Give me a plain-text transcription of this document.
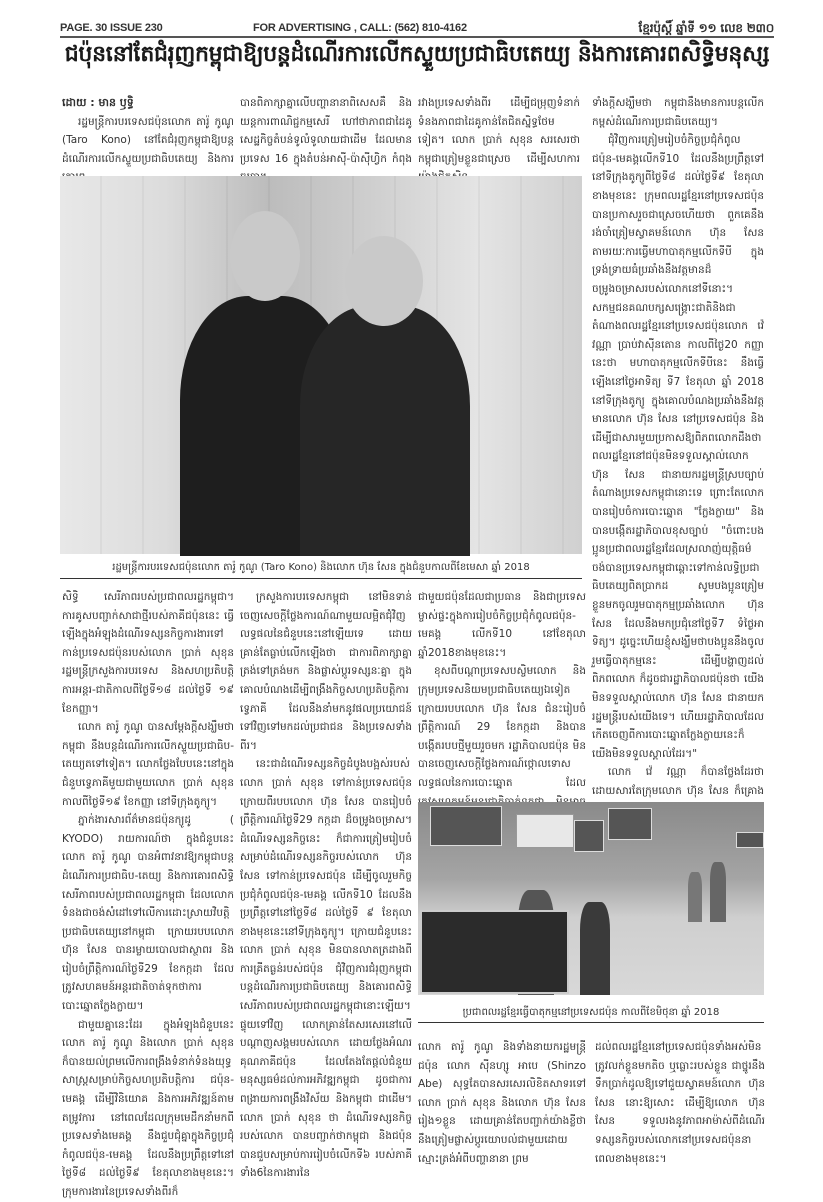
PAGE. 30 ISSUE 230	FOR ADVERTISING , CALL: (562) 810-4162	ខ្មែរប៉ុស្តិ៍ ឆ្នាំទី ១១ លេខ ២៣០
ជប៉ុននៅតែជំរុញកម្ពុជាឱ្យបន្តដំណើរការលើកស្ទួយប្រជាធិបតេយ្យ និងការគោរពសិទ្ធិមនុស្ស

ដោយ : មាន ឫទ្ធិ

រដ្ឋមន្ត្រីការបរទេសជប៉ុនលោក តារ៉ូ កូណូ (Taro Kono) នៅតែជំរុញកម្ពុជាឱ្យបន្តដំណើរការលើកស្ទួយប្រជាធិបតេយ្យ និងការ

បានពិភាក្សាគ្នាលើបញ្ហានានាពិសេសគឺ និងយន្តការពាណិជ្ជកម្មសេរី ហៅថាភាពជាដៃគូសេដ្ឋកិច្ចតំបន់ទូលំទូលាយជាដើម ដែលមានប្រទេស 16 ក្នុងតំបន់អាស៊ី-ប៉ាស៊ីហ្វិក កំពុង

រវាងប្រទេសទាំងពីរ ដើម្បីជម្រុញទំនាក់ទំនងភាពជាដៃគូកាន់តែជិតស្និទ្ធថែមទៀត។ លោក ប្រាក់ សុខុន សរសេរថា កម្ពុជាត្រៀមខ្លួនជាស្រេច ដើម្បីសហការ

ទាំងក្តីសង្ឃឹមថា កម្ពុជានឹងមានការបន្តលើកកម្ពស់ដំណើរការប្រជាធិបតេយ្យ។

ជុំវិញការត្រៀមរៀបចំកិច្ចប្រជុំកំពូលជប៉ុន-មេគង្គលើកទី10 ដែលនឹងប្រព្រឹត្តទៅនៅទីក្រុងតូក្យូពីថ្ងៃទី៨ ដល់ថ្ងៃទី៩ ខែតុលាខាងមុខនេះ ក្រុមពលរដ្ឋខ្មែរនៅប្រទេសជប៉ុនបានប្រកាសរួចជាស្រេចហើយថា ពួកគេនឹងរង់ចាំត្រៀមស្វាគមន៍លោក ហ៊ុន សែន តាមរយៈការធ្វើមហាបាតុកម្មលើកទីបី ក្នុងទ្រង់ទ្រាយធំប្រឆាំងនឹងវត្តមានដ៏ចម្រូងចម្រាសរបស់លោកនៅទីនោះ។ សកម្មជនគណបក្សសង្គ្រោះជាតិនិងជាតំណាងពលរដ្ឋខ្មែរនៅប្រទេសជប៉ុនលោក វ៉េ វណ្ណា ប្រាប់វាស៊ីនតោន កាលពីថ្ងៃ20 កញ្ញា នេះថា មហាបាតុកម្មលើកទីបីនេះ នឹងធ្វើឡើងនៅថ្ងៃអាទិត្យ ទី7 ខែតុលា ឆ្នាំ 2018 នៅទីក្រុងតូក្យូ ក្នុងគោលបំណងប្រឆាំងនឹងវត្តមានលោក ហ៊ុន សែន នៅប្រទេសជប៉ុន និងដើម្បីជាសារមួយប្រកាសឱ្យពិភពលោកដឹងថា ពលរដ្ឋខ្មែរនៅជប៉ុនមិនទទួលស្គាល់លោក ហ៊ុន សែន ជានាយករដ្ឋមន្ត្រីស្របច្បាប់តំណាងប្រទេសកម្ពុជានោះទេ ព្រោះតែលោកបានរៀបចំការបោះឆ្នោត "ក្លែងក្លាយ" និងបានបង្កើតរដ្ឋាភិបាលខុសច្បាប់ "ចំពោះបងប្អូនប្រជាពលរដ្ឋខ្មែរដែលស្រលាញ់យុត្តិធម៌ ចង់បានប្រទេសកម្ពុជាឆ្ពោះទៅកាន់លទ្ធិប្រជាធិបតេយ្យពិតប្រាកដ សូមបងប្អូនត្រៀមខ្លួនមកចូលរួមបាតុកម្មប្រឆាំងលោក ហ៊ុន សែន ដែលនឹងមកប្រជុំនៅថ្ងៃទី7 ទំថ្ងៃអាទិត្យ។ ដូច្នេះហើយខ្ញុំសង្ឃឹមថាបងប្អូននឹងចូលរួមធ្វើបាតុកម្មនេះ ដើម្បីបង្ហាញដល់ពិភពលោក ក៏ដូចជារដ្ឋាភិបាលជប៉ុនថា យើងមិនទទួលស្គាល់លោក ហ៊ុន សែន ជានាយករដ្ឋមន្ត្រីរបស់យើងទេ។ ហើយរដ្ឋាភិបាលដែលកើតចេញពីការបោះឆ្នោតក្លែងក្លាយនេះក៏យើងមិនទទួលស្គាល់ដែរ។"

លោក វ៉េ វណ្ណា ក៏បានថ្លែងដែរថា ដោយសារតែក្រុមលោក ហ៊ុន សែន ក៏គ្រោង

រដ្ឋមន្ត្រីការបរទេសជប៉ុនលោក តារ៉ូ កូណូ (Taro Kono) និងលោក ហ៊ុន សែន ក្នុងជំនួបកាលពីខែមេសា ឆ្នាំ 2018

សិទ្ធិ សេរីភាពរបស់ប្រជាពលរដ្ឋកម្ពុជា។ ការគូសបញ្ជាក់សាជាថ្មីរបស់ភាគីជប៉ុននេះ ធ្វើឡើងក្នុងអំឡុងដំណើរទស្សនកិច្ចការងារទៅកាន់ប្រទេសជប៉ុនរបស់លោក ប្រាក់ សុខុន រដ្ឋមន្ត្រីក្រសួងការបរទេស និងសហប្រតិបត្តិការអន្តរ-ជាតិកាលពីថ្ងៃទី១៨ ដល់ថ្ងៃទី ១៩ ខែកញ្ញា។

លោក តារ៉ូ កូណូ បានសម្តែងក្តីសង្ឃឹមថា កម្ពុជា នឹងបន្តដំណើរការលើកស្ទួយប្រជាធិប-តេយ្យតទៅទៀត។ លោកថ្លែងបែបនេះនៅក្នុងជំនួបទ្វេភាគីមួយជាមួយលោក ប្រាក់ សុខុន កាលពីថ្ងៃទី១៩ ខែកញ្ញា នៅទីក្រុងតូក្យូ។

ភ្នាក់ងារសារព័ត៌មានជប៉ុនក្យូដូ ( KYODO) រាយការណ៍ថា ក្នុងជំនួបនេះ លោក តារ៉ូ កូណូ បានអំពាវនាវឱ្យកម្ពុជាបន្តដំណើរការប្រជាធិប-តេយ្យ និងការគោរពសិទ្ធិសេរីភាពរបស់ប្រជាពលរដ្ឋកម្ពុជា ដែលលោកទំនងជាចង់សំដៅទៅលើការដោះស្រាយវិបត្តិប្រជាធិបតេយ្យនៅកម្ពុជា ក្រោយរបបលោក ហ៊ុន សែន បានរម្លាយបោលជាស្ថាពរ និងរៀបចំព្រឹត្តិការណ៍ថ្ងៃទី29 ខែកក្កដា ដែលត្រូវសហគមន៍អន្តរជាតិចាត់ទុកថាការបោះឆ្នោតក្លែងក្លាយ។

ជាមួយគ្នានេះដែរ ក្នុងអំឡុងជំនួបនេះលោក តារ៉ូ កូណូ និងលោក ប្រាក់ សុខុន ក៏បានយល់ព្រមលើការពង្រឹងទំនាក់ទំនងយុទ្ធសាស្ត្រសម្រាប់កិច្ចសហប្រតិបត្តិការ ជប៉ុន-មេគង្គ ដើម្បីវិនិយោគ និងការអភិវឌ្ឍន៍តាមតម្រូវការ នៅពេលដែលក្រុមមេដឹកនាំមកពីប្រទេសទាំងមេគង្គ នឹងជួបជុំគ្នាក្នុងកិច្ចប្រជុំកំពូលជប៉ុន-មេគង្គ ដែលនឹងប្រព្រឹត្តទៅនៅថ្ងៃទី៨ ដល់ថ្ងៃទី៩ ខែតុលាខាងមុខនេះ។ ក្រុមការងារនៃប្រទេសទាំងពីរក៏

ក្រសួងការបរទេសកម្ពុជា នៅមិនទាន់ចេញសេចក្តីថ្លែងការណ៍ណាមួយលម្អិតជុំវិញលទ្ធផលនៃជំនួបនេះនៅឡើយទេ ដោយគ្រាន់តែធ្លាប់លើកឡើងថា ជាការពិភាក្សាគ្នាត្រង់ទៅត្រង់មក និងផ្លាស់ប្តូរទស្សនៈគ្នា ក្នុងគោលបំណងដើម្បីពង្រឹងកិច្ចសហប្រតិបត្តិការទ្វេភាគី ដែលនឹងនាំមកនូវផលប្រយោជន៍ទៅវិញទៅមកដល់ប្រជាជន និងប្រទេសទាំងពីរ។

នេះជាដំណើរទស្សនកិច្ចដំបូងបង្អស់របស់លោក ប្រាក់ សុខុន ទៅកាន់ប្រទេសជប៉ុនក្រោយពីរបបលោក ហ៊ុន សែន បានរៀបចំព្រឹត្តិការណ៍ថ្ងៃទី29 កក្កដា ដ៏ចម្រូងចម្រាស។ ដំណើរទស្សនកិច្ចនេះ ក៏ជាការត្រៀមរៀបចំសម្រាប់ដំណើរទស្សនកិច្ចរបស់លោក ហ៊ុន សែន ទៅកាន់ប្រទេសជប៉ុន ដើម្បីចូលរួមកិច្ចប្រជុំកំពូលជប៉ុន-មេគង្គ លើកទី10 ដែលនឹងប្រព្រឹត្តទៅនៅថ្ងៃទី៨ ដល់ថ្ងៃទី ៩ ខែតុលា ខាងមុខនេះនៅទីក្រុងតូក្យូ។ ក្រោយជំនួបនេះលោក ប្រាក់ សុខុន មិនបានលាតត្រដាងពីការគ្រីតធ្ងន់របស់ជប៉ុន ជុំវិញការជំរុញកម្ពុជាបន្តដំណើរការប្រជាធិបតេយ្យ និងគោរពសិទ្ធិសេរីភាពរបស់ប្រជាពលរដ្ឋកម្ពុជានោះឡើយ។ ផ្ទុយទៅវិញ លោកគ្រាន់តែសរសេរនៅលើបណ្តាញសង្គមរបស់លោក ដោយថ្លែងអំណរគុណភាគីជប៉ុន ដែលតែងតែផ្តល់ជំនួយមនុស្សធម៌ដល់ការអភិវឌ្ឍកម្ពុជា ដូចជាការពង្រាយការពង្រឹងវិស័យ និងកម្ពុជា ជាដើម។ លោក ប្រាក់ សុខុន ថា ដំណើរទស្សនកិច្ចរបស់លោក បានបញ្ជាក់ថាកម្ពុជា និងជប៉ុនបានជួបសម្រាប់ការរៀបចំលើកទី៦ របស់ភាគីទាំង6នៃការងារនៃ

ជាមួយជប៉ុនដែលជាប្រធាន និងជាប្រទេសម្ចាស់ផ្ទះក្នុងការរៀបចំកិច្ចប្រជុំកំពូលជប៉ុន-មេគង្គ លើកទី10 នៅខែតុលា ឆ្នាំ2018ខាងមុខនេះ។

ខុសពីបណ្តាប្រទេសបស្ចិមលោក និងក្រុមប្រទេសនិយមប្រជាធិបតេយ្យឯទៀត ក្រោយរបបលោក ហ៊ុន សែន ជំនះរៀបចំព្រឹត្តិការណ៍ 29 ខែកក្កដា និងបានបង្កើតរបបថ្មីមួយរួចមក រដ្ឋាភិបាលជប៉ុន មិនបានចេញសេចក្តីថ្លែងការណ៍ថ្កោលទោសលទ្ធផលនៃការបោះឆ្នោត ដែល

ប្រជាពលរដ្ឋខ្មែរធ្វើបាតុកម្មនៅប្រទេសជប៉ុន កាលពីខែមិថុនា ឆ្នាំ 2018

លោក តារ៉ូ កូណូ និងទាំងនាយករដ្ឋមន្ត្រីជប៉ុន លោក ស៊ីនហ្សូ អាបេ (Shinzo Abe) សុទ្ធតែបានសរសេរលិខិតសាទរទៅលោក ប្រាក់ សុខុន និងលោក ហ៊ុន សែន រៀង១ខ្លួន ដោយគ្រាន់តែបញ្ជាក់យ៉ាងខ្លីថា នឹងត្រៀមផ្លាស់ប្តូរយោបល់ជាមួយដោយស្មោះត្រង់អំពីបញ្ហានានា ព្រម

ដល់ពលរដ្ឋខ្មែរនៅប្រទេសជប៉ុនទាំងអស់មិនត្រូវលក់ខ្លួនមកតិច ឬធ្លោះរបស់ខ្លួន ជាថ្នូរនឹងទឹកប្រាក់ដូលឱ្យទៅជួយស្វាគមន៍លោក ហ៊ុន សែន នោះឱ្យសោះ ដើម្បីឱ្យលោក ហ៊ុន សែន ទទួលរងនូវភាពអាម៉ាស់ពីដំណើរទស្សនកិច្ចរបស់លោកនៅប្រទេសជប៉ុននាពេលខាងមុខនេះ។
